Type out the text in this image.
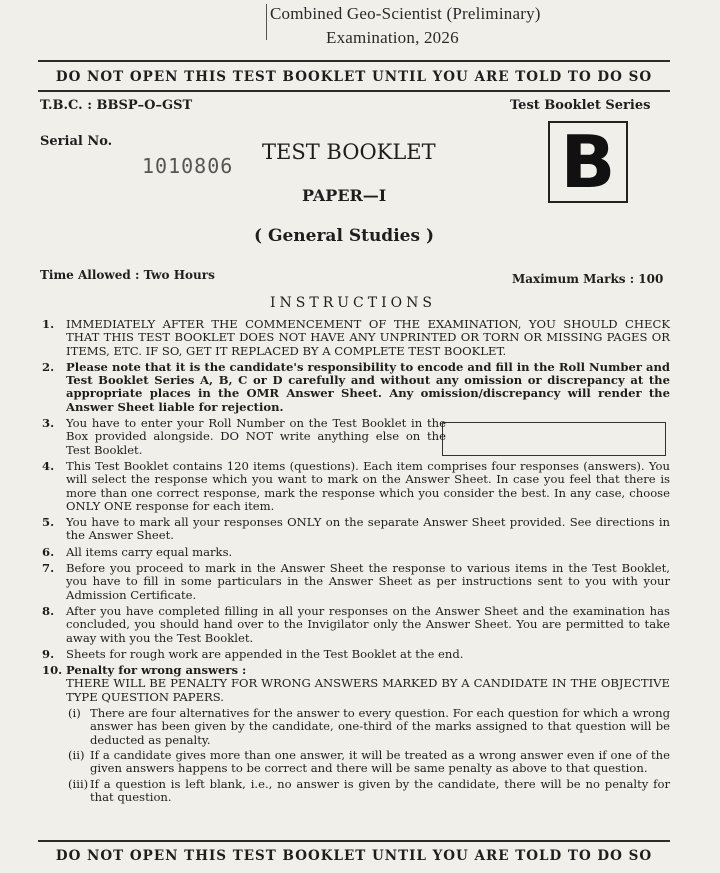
Combined Geo-Scientist (Preliminary)
Examination, 2026
DO NOT OPEN THIS TEST BOOKLET UNTIL YOU ARE TOLD TO DO SO
T.B.C. : BBSP–O–GST	Test Booklet Series
Serial No.
1010806
TEST BOOKLET
PAPER—I
( General Studies )
B
Time Allowed : Two Hours	Maximum Marks : 100
INSTRUCTIONS
1. IMMEDIATELY AFTER THE COMMENCEMENT OF THE EXAMINATION, YOU SHOULD CHECK THAT THIS TEST BOOKLET DOES NOT HAVE ANY UNPRINTED OR TORN OR MISSING PAGES OR ITEMS, ETC. IF SO, GET IT REPLACED BY A COMPLETE TEST BOOKLET.
2. Please note that it is the candidate's responsibility to encode and fill in the Roll Number and Test Booklet Series A, B, C or D carefully and without any omission or discrepancy at the appropriate places in the OMR Answer Sheet. Any omission/discrepancy will render the Answer Sheet liable for rejection.
3. You have to enter your Roll Number on the Test Booklet in the Box provided alongside. DO NOT write anything else on the Test Booklet.
4. This Test Booklet contains 120 items (questions). Each item comprises four responses (answers). You will select the response which you want to mark on the Answer Sheet. In case you feel that there is more than one correct response, mark the response which you consider the best. In any case, choose ONLY ONE response for each item.
5. You have to mark all your responses ONLY on the separate Answer Sheet provided. See directions in the Answer Sheet.
6. All items carry equal marks.
7. Before you proceed to mark in the Answer Sheet the response to various items in the Test Booklet, you have to fill in some particulars in the Answer Sheet as per instructions sent to you with your Admission Certificate.
8. After you have completed filling in all your responses on the Answer Sheet and the examination has concluded, you should hand over to the Invigilator only the Answer Sheet. You are permitted to take away with you the Test Booklet.
9. Sheets for rough work are appended in the Test Booklet at the end.
10. Penalty for wrong answers :
THERE WILL BE PENALTY FOR WRONG ANSWERS MARKED BY A CANDIDATE IN THE OBJECTIVE TYPE QUESTION PAPERS.
(i) There are four alternatives for the answer to every question. For each question for which a wrong answer has been given by the candidate, one-third of the marks assigned to that question will be deducted as penalty.
(ii) If a candidate gives more than one answer, it will be treated as a wrong answer even if one of the given answers happens to be correct and there will be same penalty as above to that question.
(iii) If a question is left blank, i.e., no answer is given by the candidate, there will be no penalty for that question.
DO NOT OPEN THIS TEST BOOKLET UNTIL YOU ARE TOLD TO DO SO
